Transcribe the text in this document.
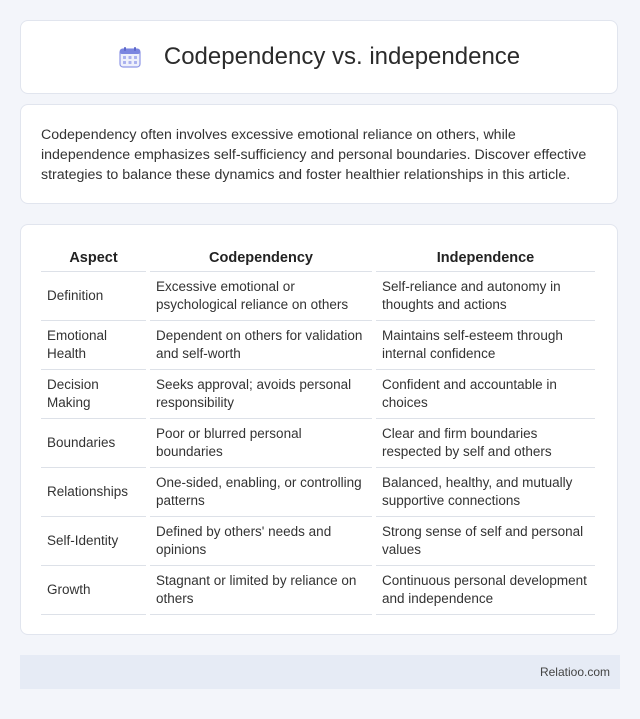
Codependency vs. independence

Codependency often involves excessive emotional reliance on others, while independence emphasizes self-sufficiency and personal boundaries. Discover effective strategies to balance these dynamics and foster healthier relationships in this article.

Aspect	Codependency	Independence
Definition	Excessive emotional or psychological reliance on others	Self-reliance and autonomy in thoughts and actions
Emotional Health	Dependent on others for validation and self-worth	Maintains self-esteem through internal confidence
Decision Making	Seeks approval; avoids personal responsibility	Confident and accountable in choices
Boundaries	Poor or blurred personal boundaries	Clear and firm boundaries respected by self and others
Relationships	One-sided, enabling, or controlling patterns	Balanced, healthy, and mutually supportive connections
Self-Identity	Defined by others' needs and opinions	Strong sense of self and personal values
Growth	Stagnant or limited by reliance on others	Continuous personal development and independence
Relatioo.com
